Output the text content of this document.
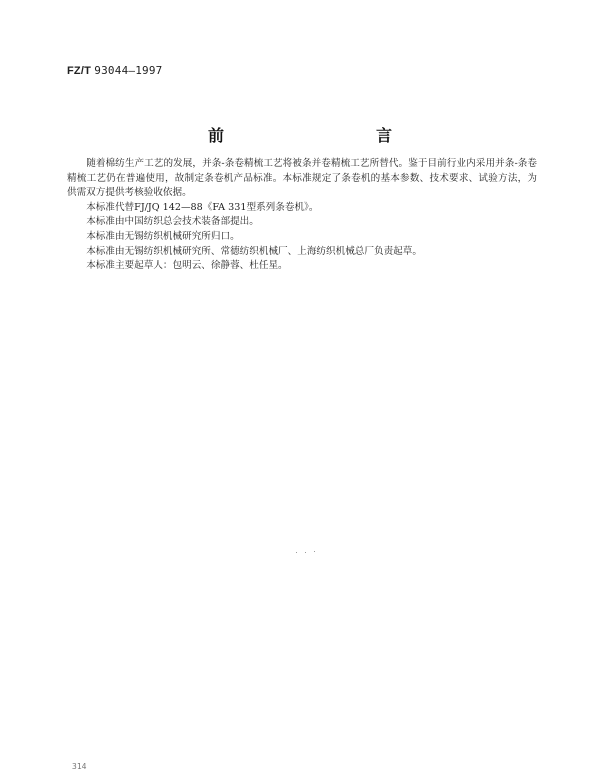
FZ/T 93044—1997
前　　言

随着棉纺生产工艺的发展，并条-条卷精梳工艺将被条并卷精梳工艺所替代。鉴于目前行业内采用并条-条卷精梳工艺仍在普遍使用，故制定条卷机产品标准。本标准规定了条卷机的基本参数、技术要求、试验方法，为供需双方提供考核验收依据。

本标准代替FJ/JQ 142—88《FA 331型系列条卷机》。

本标准由中国纺织总会技术装备部提出。

本标准由无锡纺织机械研究所归口。

本标准由无锡纺织机械研究所、常德纺织机械厂、上海纺织机械总厂负责起草。

本标准主要起草人：包明云、徐静蓉、杜任星。

314
